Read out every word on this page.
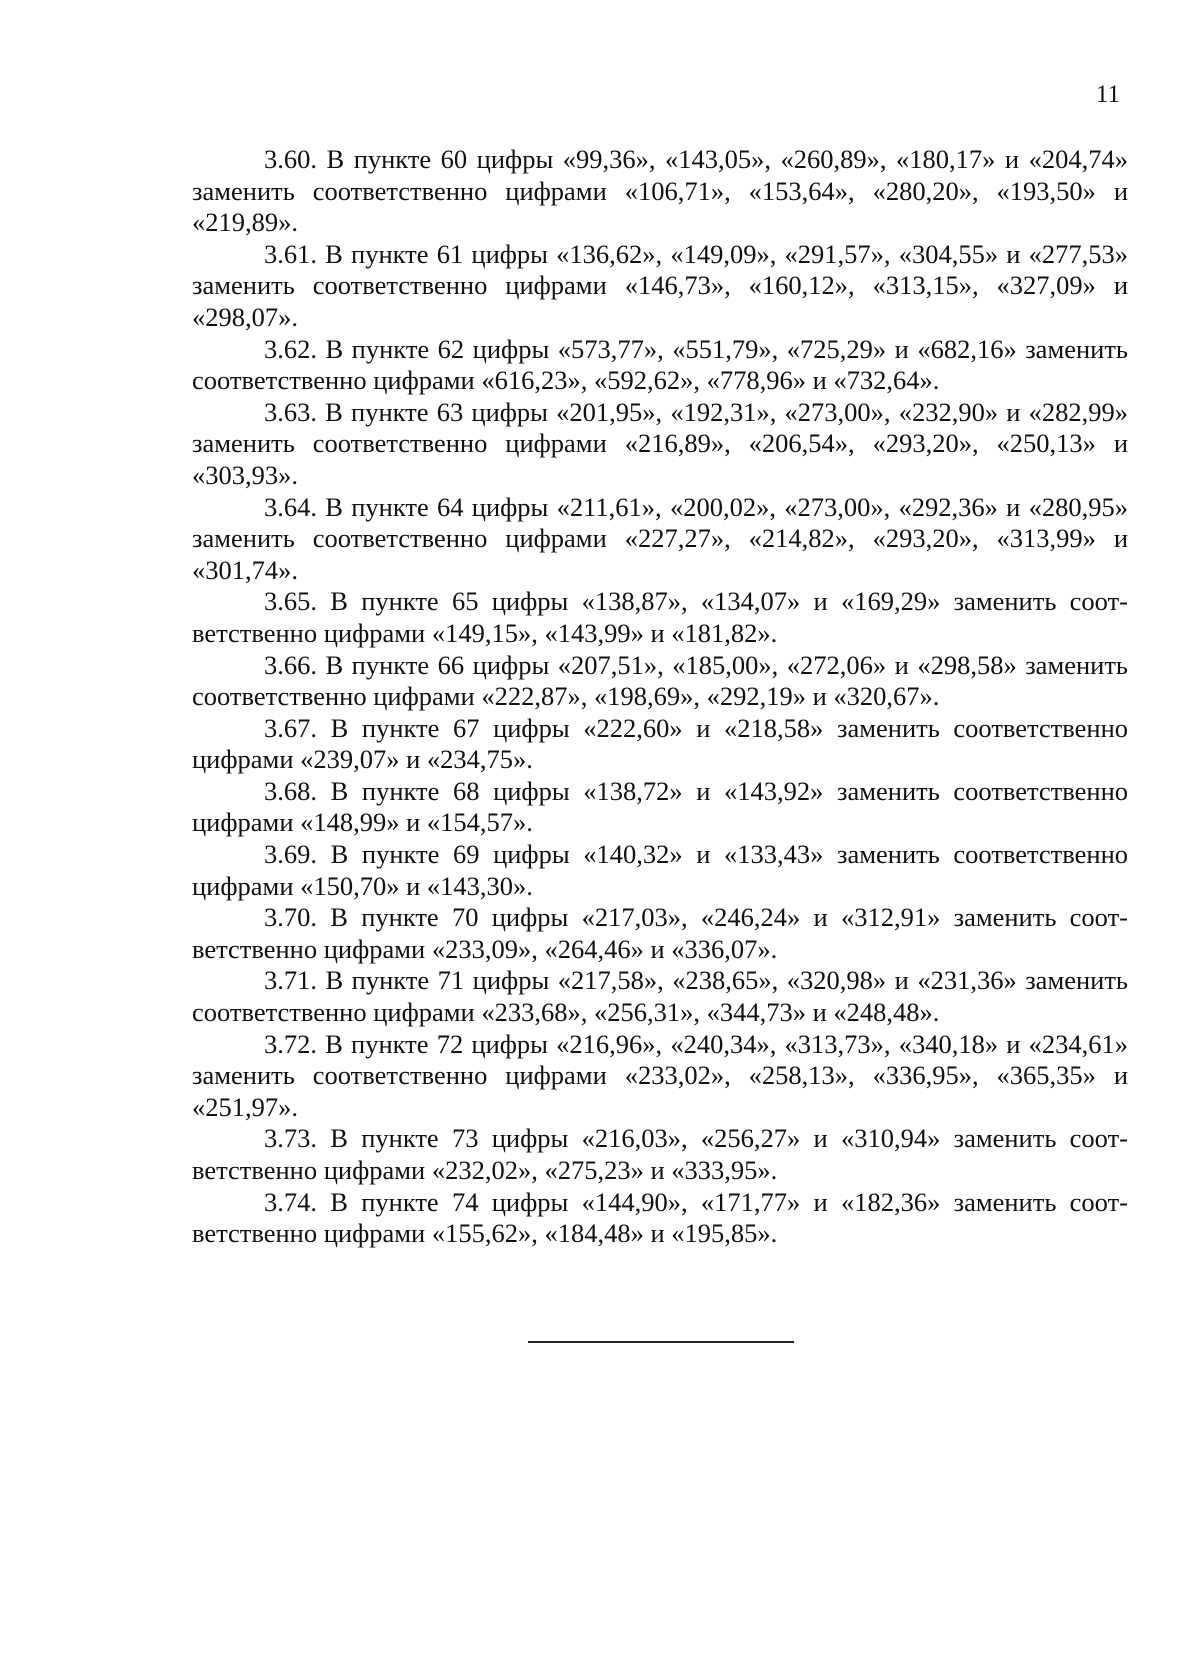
11

3.60. В пункте 60 цифры «99,36», «143,05», «260,89», «180,17» и «204,74» заменить соответственно цифрами «106,71», «153,64», «280,20», «193,50» и «219,89».

3.61. В пункте 61 цифры «136,62», «149,09», «291,57», «304,55» и «277,53» заменить соответственно цифрами «146,73», «160,12», «313,15», «327,09» и «298,07».

3.62. В пункте 62 цифры «573,77», «551,79», «725,29» и «682,16» заменить соответственно цифрами «616,23», «592,62», «778,96» и «732,64».

3.63. В пункте 63 цифры «201,95», «192,31», «273,00», «232,90» и «282,99» заменить соответственно цифрами «216,89», «206,54», «293,20», «250,13» и «303,93».

3.64. В пункте 64 цифры «211,61», «200,02», «273,00», «292,36» и «280,95» заменить соответственно цифрами «227,27», «214,82», «293,20», «313,99» и «301,74».

3.65. В пункте 65 цифры «138,87», «134,07» и «169,29» заменить соответственно цифрами «149,15», «143,99» и «181,82».

3.66. В пункте 66 цифры «207,51», «185,00», «272,06» и «298,58» заменить соответственно цифрами «222,87», «198,69», «292,19» и «320,67».

3.67. В пункте 67 цифры «222,60» и «218,58» заменить соответственно цифрами «239,07» и «234,75».

3.68. В пункте 68 цифры «138,72» и «143,92» заменить соответственно цифрами «148,99» и «154,57».

3.69. В пункте 69 цифры «140,32» и «133,43» заменить соответственно цифрами «150,70» и «143,30».

3.70. В пункте 70 цифры «217,03», «246,24» и «312,91» заменить соответственно цифрами «233,09», «264,46» и «336,07».

3.71. В пункте 71 цифры «217,58», «238,65», «320,98» и «231,36» заменить соответственно цифрами «233,68», «256,31», «344,73» и «248,48».

3.72. В пункте 72 цифры «216,96», «240,34», «313,73», «340,18» и «234,61» заменить соответственно цифрами «233,02», «258,13», «336,95», «365,35» и «251,97».

3.73. В пункте 73 цифры «216,03», «256,27» и «310,94» заменить соответственно цифрами «232,02», «275,23» и «333,95».

3.74. В пункте 74 цифры «144,90», «171,77» и «182,36» заменить соответственно цифрами «155,62», «184,48» и «195,85».
